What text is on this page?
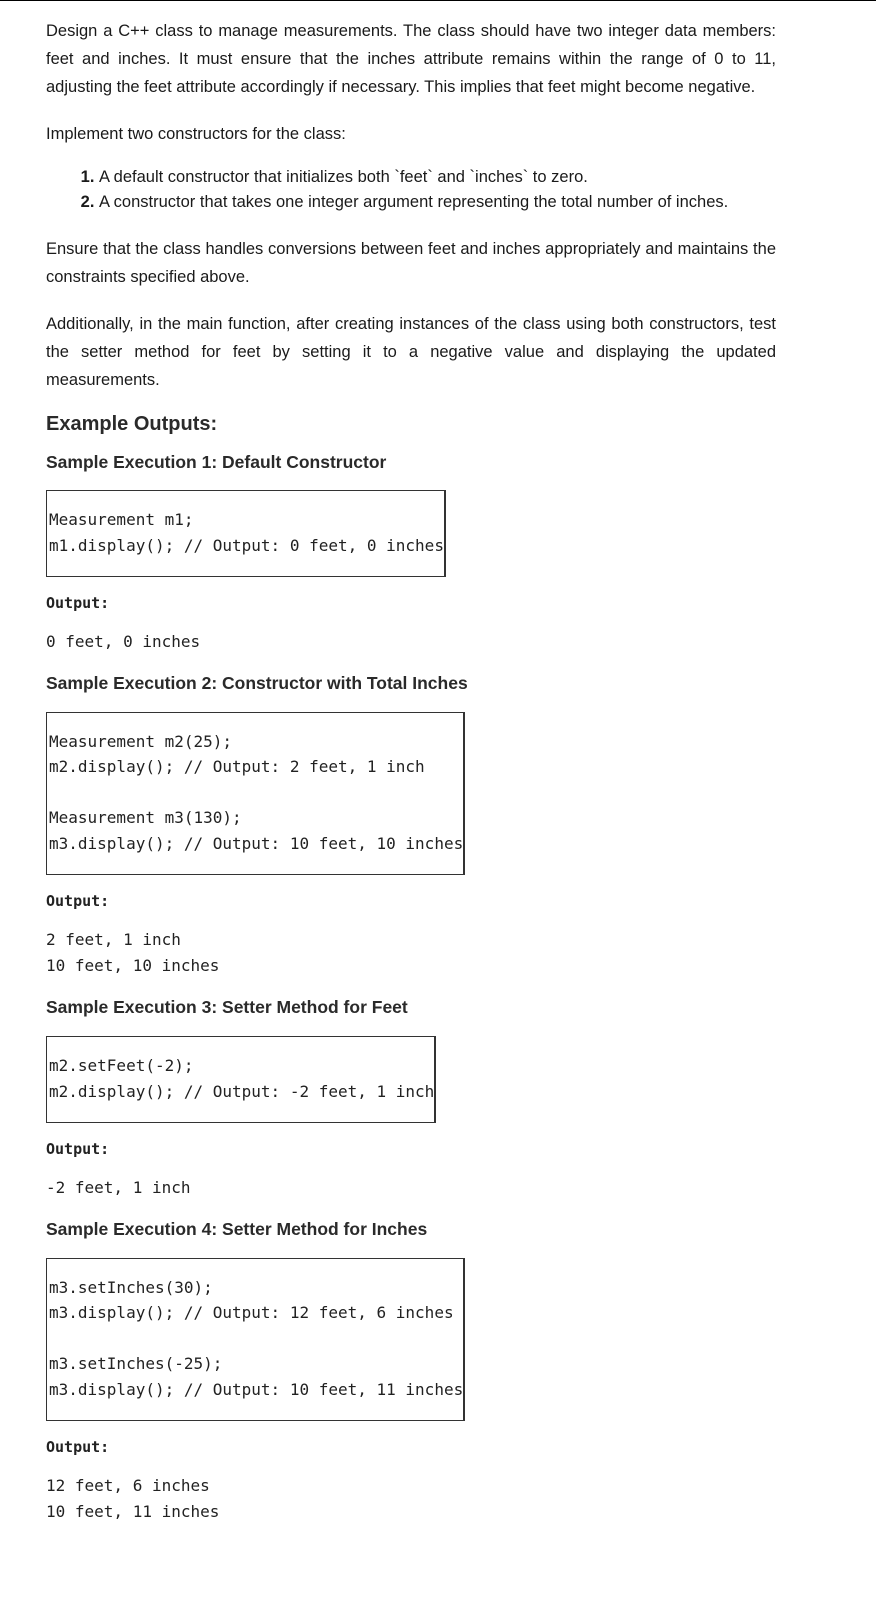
Design a C++ class to manage measurements. The class should have two integer data members: feet and inches. It must ensure that the inches attribute remains within the range of 0 to 11, adjusting the feet attribute accordingly if necessary. This implies that feet might become negative.

Implement two constructors for the class:

1. A default constructor that initializes both `feet` and `inches` to zero.
2. A constructor that takes one integer argument representing the total number of inches.

Ensure that the class handles conversions between feet and inches appropriately and maintains the constraints specified above.

Additionally, in the main function, after creating instances of the class using both constructors, test the setter method for feet by setting it to a negative value and displaying the updated measurements.

Example Outputs:
Sample Execution 1: Default Constructor
Measurement m1;
m1.display(); // Output: 0 feet, 0 inches
Output:
0 feet, 0 inches
Sample Execution 2: Constructor with Total Inches
Measurement m2(25);
m2.display(); // Output: 2 feet, 1 inch
Measurement m3(130);
m3.display(); // Output: 10 feet, 10 inches
Output:
2 feet, 1 inch
10 feet, 10 inches
Sample Execution 3: Setter Method for Feet
m2.setFeet(-2);
m2.display(); // Output: -2 feet, 1 inch
Output:
-2 feet, 1 inch
Sample Execution 4: Setter Method for Inches
m3.setInches(30);
m3.display(); // Output: 12 feet, 6 inches
m3.setInches(-25);
m3.display(); // Output: 10 feet, 11 inches
Output:
12 feet, 6 inches
10 feet, 11 inches
